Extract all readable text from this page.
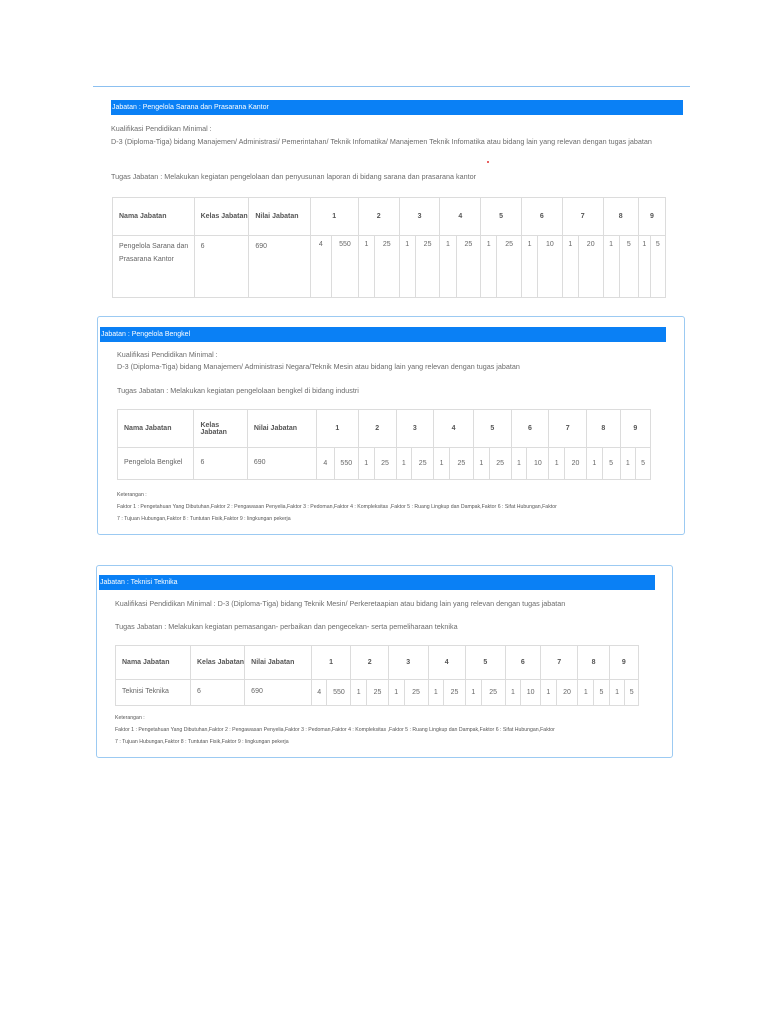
Jabatan : Pengelola Sarana dan Prasarana Kantor
Kualifikasi Pendidikan Minimal :
D-3 (Diploma-Tiga) bidang Manajemen/ Administrasi/ Pemerintahan/ Teknik Infomatika/ Manajemen Teknik Infomatika atau bidang lain yang relevan dengan tugas jabatan
Tugas Jabatan : Melakukan kegiatan pengelolaan dan penyusunan laporan di bidang sarana dan prasarana kantor
Nama Jabatan	Kelas Jabatan	Nilai Jabatan	1		2		3		4		5		6		7		8		9	
Pengelola Sarana dan Prasarana Kantor	6	690	4	550	1	25	1	25	1	25	1	25	1	10	1	20	1	5	1	5
Jabatan : Pengelola Bengkel
Kualifikasi Pendidikan Minimal :
D-3 (Diploma-Tiga) bidang Manajemen/ Administrasi Negara/Teknik Mesin atau bidang lain yang relevan dengan tugas jabatan
Tugas Jabatan : Melakukan kegiatan pengelolaan bengkel di bidang industri
Nama Jabatan	Kelas Jabatan	Nilai Jabatan	1		2		3		4		5		6		7		8		9	
Pengelola Bengkel	6	690	4	550	1	25	1	25	1	25	1	25	1	10	1	20	1	5	1	5
Keterangan :
Faktor 1 : Pengetahuan Yang Dibutuhan,Faktor 2 : Pengawasan Penyelia,Faktor 3 : Pedoman,Faktor 4 : Kompleksitas ,Faktor 5 : Ruang Lingkup dan Dampak,Faktor 6 : Sifat Hubungan,Faktor
7 : Tujuan Hubungan,Faktor 8 : Tuntutan Fisik,Faktor 9 : lingkungan pekerja
Jabatan : Teknisi Teknika
Kualifikasi Pendidikan Minimal : D-3 (Diploma-Tiga) bidang Teknik Mesin/ Perkeretaapian atau bidang lain yang relevan dengan tugas jabatan
Tugas Jabatan : Melakukan kegiatan pemasangan- perbaikan dan pengecekan- serta pemeliharaan teknika
Nama Jabatan	Kelas Jabatan	Nilai Jabatan	1		2		3		4		5		6		7		8		9	
Teknisi Teknika	6	690	4	550	1	25	1	25	1	25	1	25	1	10	1	20	1	5	1	5
Keterangan :
Faktor 1 : Pengetahuan Yang Dibutuhan,Faktor 2 : Pengawasan Penyelia,Faktor 3 : Pedoman,Faktor 4 : Kompleksitas ,Faktor 5 : Ruang Lingkup dan Dampak,Faktor 6 : Sifat Hubungan,Faktor
7 : Tujuan Hubungan,Faktor 8 : Tuntutan Fisik,Faktor 9 : lingkungan pekerja
